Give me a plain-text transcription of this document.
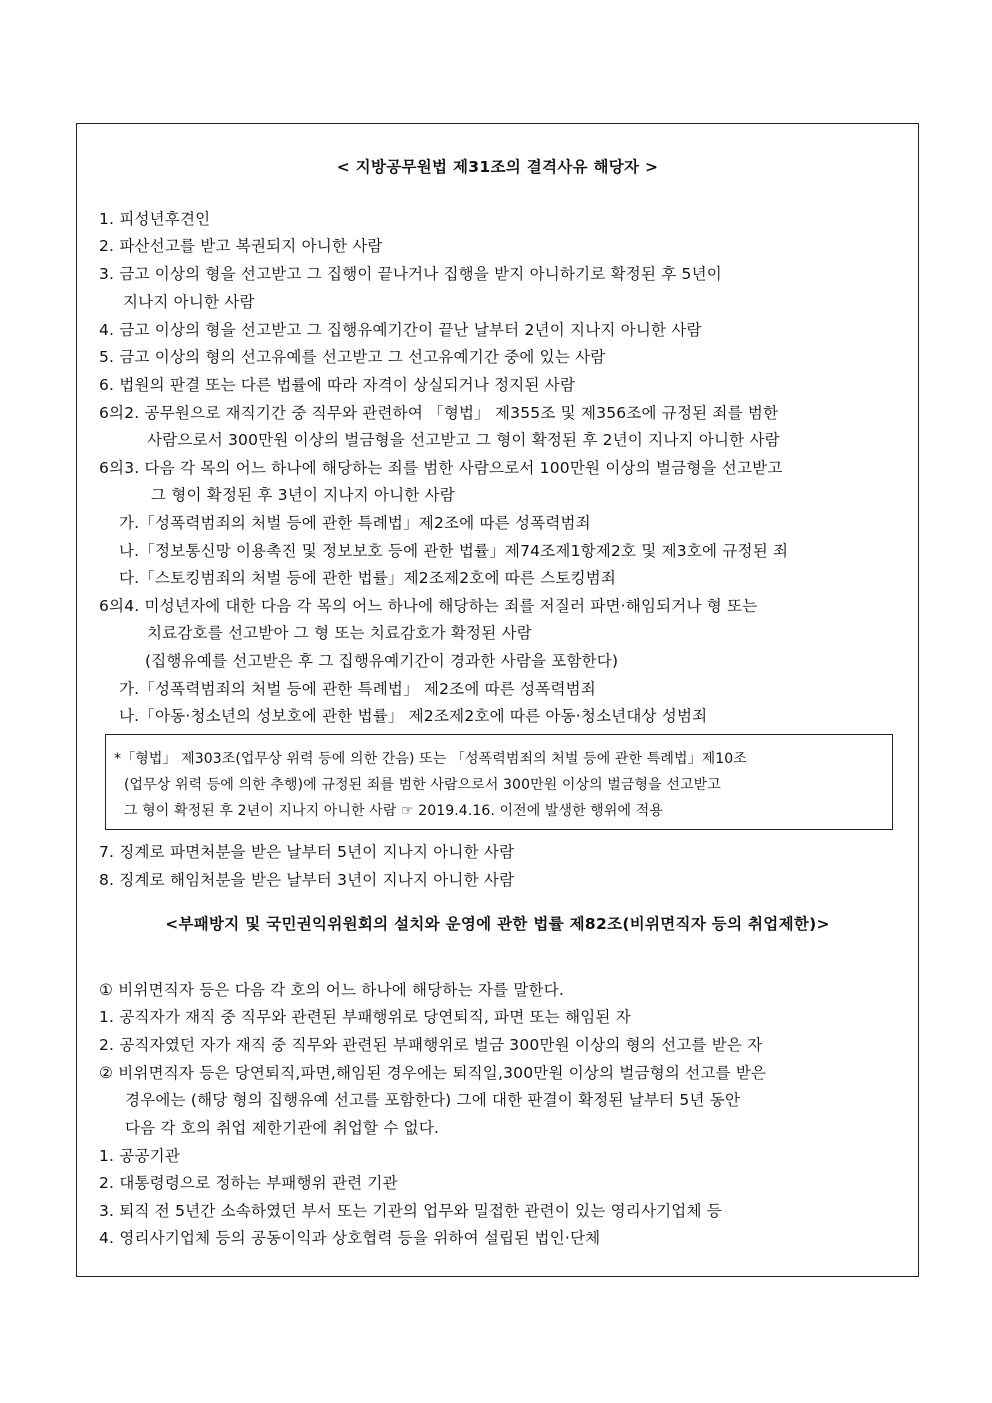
< 지방공무원법 제31조의 결격사유 해당자 >
1. 피성년후견인
2. 파산선고를 받고 복권되지 아니한 사람
3. 금고 이상의 형을 선고받고 그 집행이 끝나거나 집행을 받지 아니하기로 확정된 후 5년이
지나지 아니한 사람
4. 금고 이상의 형을 선고받고 그 집행유예기간이 끝난 날부터 2년이 지나지 아니한 사람
5. 금고 이상의 형의 선고유예를 선고받고 그 선고유예기간 중에 있는 사람
6. 법원의 판결 또는 다른 법률에 따라 자격이 상실되거나 정지된 사람
6의2. 공무원으로 재직기간 중 직무와 관련하여 「형법」 제355조 및 제356조에 규정된 죄를 범한
사람으로서 300만원 이상의 벌금형을 선고받고 그 형이 확정된 후 2년이 지나지 아니한 사람
6의3. 다음 각 목의 어느 하나에 해당하는 죄를 범한 사람으로서 100만원 이상의 벌금형을 선고받고
그 형이 확정된 후 3년이 지나지 아니한 사람
가.「성폭력범죄의 처벌 등에 관한 특례법」제2조에 따른 성폭력범죄
나.「정보통신망 이용촉진 및 정보보호 등에 관한 법률」제74조제1항제2호 및 제3호에 규정된 죄
다.「스토킹범죄의 처벌 등에 관한 법률」제2조제2호에 따른 스토킹범죄
6의4. 미성년자에 대한 다음 각 목의 어느 하나에 해당하는 죄를 저질러 파면·해임되거나 형 또는
치료감호를 선고받아 그 형 또는 치료감호가 확정된 사람
(집행유예를 선고받은 후 그 집행유예기간이 경과한 사람을 포함한다)
가.「성폭력범죄의 처벌 등에 관한 특례법」 제2조에 따른 성폭력범죄
나.「아동·청소년의 성보호에 관한 법률」 제2조제2호에 따른 아동·청소년대상 성범죄
*「형법」 제303조(업무상 위력 등에 의한 간음) 또는 「성폭력범죄의 처벌 등에 관한 특례법」제10조
(업무상 위력 등에 의한 추행)에 규정된 죄를 범한 사람으로서 300만원 이상의 벌금형을 선고받고
그 형이 확정된 후 2년이 지나지 아니한 사람 ☞ 2019.4.16. 이전에 발생한 행위에 적용
7. 징계로 파면처분을 받은 날부터 5년이 지나지 아니한 사람
8. 징계로 해임처분을 받은 날부터 3년이 지나지 아니한 사람
<부패방지 및 국민권익위원회의 설치와 운영에 관한 법률 제82조(비위면직자 등의 취업제한)>
① 비위면직자 등은 다음 각 호의 어느 하나에 해당하는 자를 말한다.
1. 공직자가 재직 중 직무와 관련된 부패행위로 당연퇴직, 파면 또는 해임된 자
2. 공직자였던 자가 재직 중 직무와 관련된 부패행위로 벌금 300만원 이상의 형의 선고를 받은 자
② 비위면직자 등은 당연퇴직,파면,해임된 경우에는 퇴직일,300만원 이상의 벌금형의 선고를 받은
경우에는 (해당 형의 집행유예 선고를 포함한다) 그에 대한 판결이 확정된 날부터 5년 동안
다음 각 호의 취업 제한기관에 취업할 수 없다.
1. 공공기관
2. 대통령령으로 정하는 부패행위 관련 기관
3. 퇴직 전 5년간 소속하였던 부서 또는 기관의 업무와 밀접한 관련이 있는 영리사기업체 등
4. 영리사기업체 등의 공동이익과 상호협력 등을 위하여 설립된 법인·단체
